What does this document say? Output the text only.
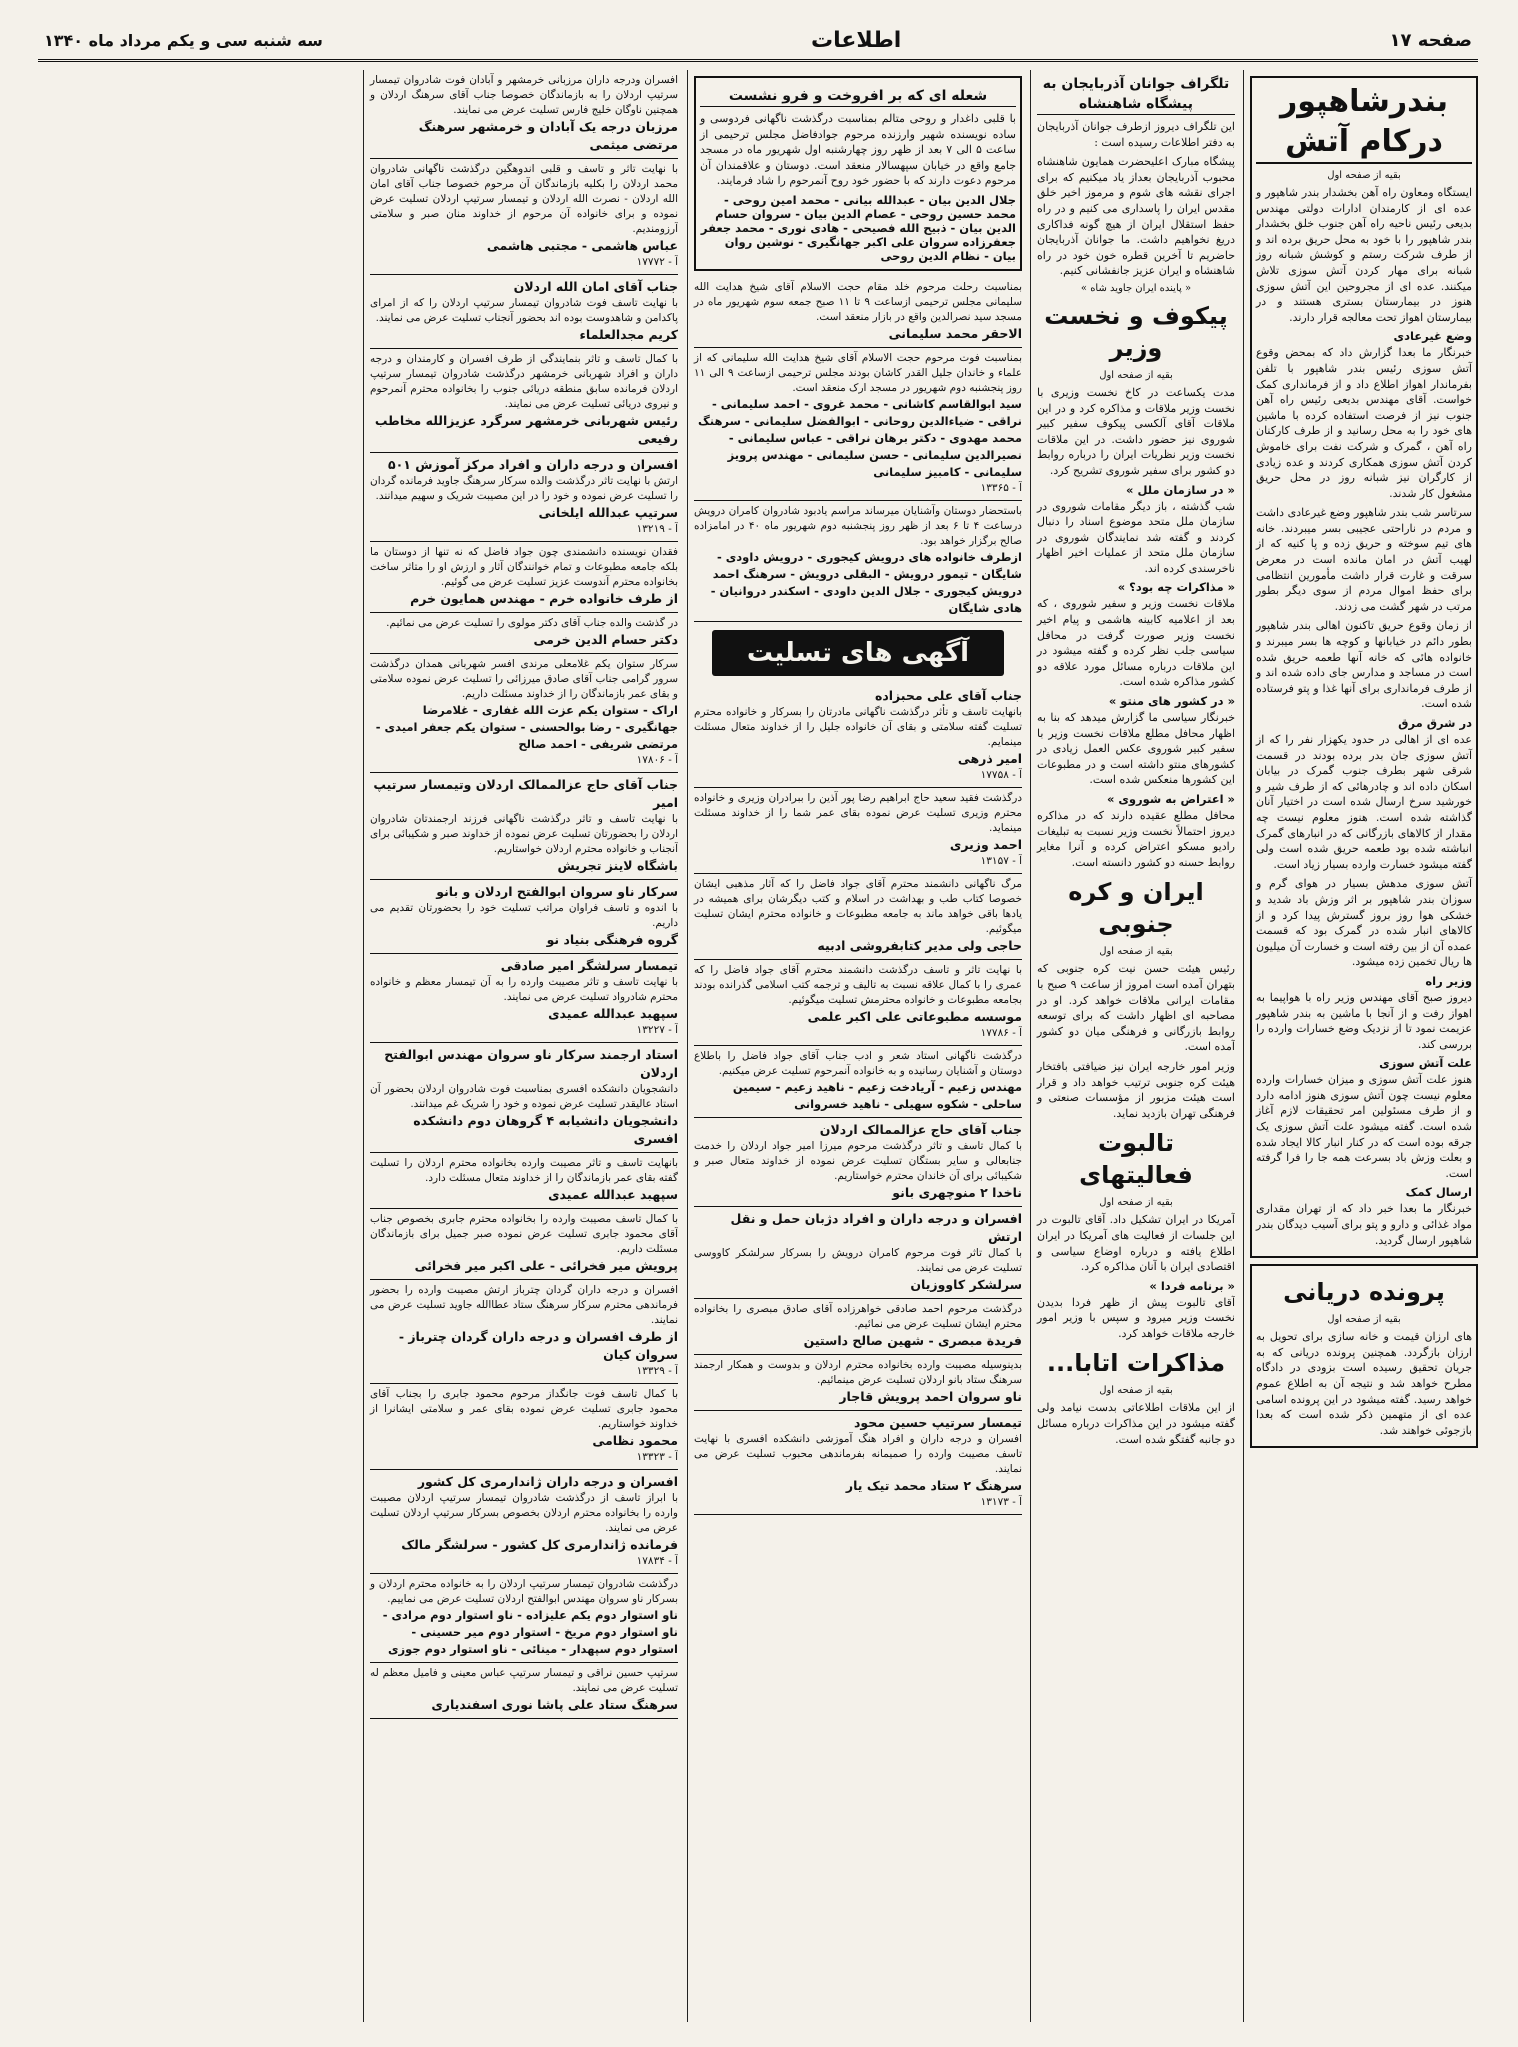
صفحه ۱۷
اطلاعات
سه شنبه سی و یکم مرداد ماه ۱۳۴۰
بندرشاهپور درکام آتش
بقیه از صفحه اول

ایستگاه ومعاون راه آهن بخشدار بندر شاهپور و عده ای از کارمندان ادارات دولتی مهندس بدیعی رئیس ناحیه راه آهن جنوب خلق بخشدار بندر شاهپور را با خود به محل حریق برده اند و از طرف شرکت رستم و کوشش شبانه روز شبانه برای مهار کردن آتش سوزی تلاش میکنند. عده ای از مجروحین این آتش سوزی هنوز در بیمارستان بستری هستند و در بیمارستان اهواز تحت معالجه قرار دارند.

وضع غیرعادی

خبرنگار ما بعدا گزارش داد که بمحض وقوع آتش سوزی رئیس بندر شاهپور با تلفن بفرماندار اهواز اطلاع داد و از فرمانداری کمک خواست. آقای مهندس بدیعی رئیس راه آهن جنوب نیز از فرصت استفاده کرده با ماشین های خود را به محل رسانید و از طرف کارکنان راه آهن ، گمرک و شرکت نفت برای خاموش کردن آتش سوزی همکاری کردند و عده زیادی از کارگران نیز شبانه روز در محل حریق مشغول کار شدند.

سرتاسر شب بندر شاهپور وضع غیرعادی داشت و مردم در ناراحتی عجیبی بسر میبردند. خانه های تیم سوخته و حریق زده و پا کنیه که از لهیب آتش در امان مانده است در معرض سرقت و غارت قرار داشت مأمورین انتظامی برای حفظ اموال مردم از سوی دیگر بطور مرتب در شهر گشت می زدند.

از زمان وقوع حریق تاکنون اهالی بندر شاهپور بطور دائم در خیابانها و کوچه ها بسر میبرند و خانواده هائی که خانه آنها طعمه حریق شده است در مساجد و مدارس جای داده شده اند و از طرف فرمانداری برای آنها غذا و پتو فرستاده شده است.

در شرق مرق

عده ای از اهالی در حدود یکهزار نفر را که از آتش سوزی جان بدر برده بودند در قسمت شرقی شهر بطرف جنوب گمرک در بیابان اسکان داده اند و چادرهائی که از طرف شیر و خورشید سرخ ارسال شده است در اختیار آنان گذاشته شده است. هنوز معلوم نیست چه مقدار از کالاهای بازرگانی که در انبارهای گمرک انباشته شده بود طعمه حریق شده است ولی گفته میشود خسارت وارده بسیار زیاد است.

آتش سوزی مدهش بسیار در هوای گرم و سوزان بندر شاهپور بر اثر وزش باد شدید و خشکی هوا روز بروز گسترش پیدا کرد و از کالاهای انبار شده در گمرک بود که قسمت عمده آن از بین رفته است و خسارت آن میلیون ها ریال تخمین زده میشود.

وزیر راه

دیروز صبح آقای مهندس وزیر راه با هواپیما به اهواز رفت و از آنجا با ماشین به بندر شاهپور عزیمت نمود تا از نزدیک وضع خسارات وارده را بررسی کند.

علت آتش سوزی

هنوز علت آتش سوزی و میزان خسارات وارده معلوم نیست چون آتش سوزی هنوز ادامه دارد و از طرف مسئولین امر تحقیقات لازم آغاز شده است. گفته میشود علت آتش سوزی یک جرقه بوده است که در کنار انبار کالا ایجاد شده و بعلت وزش باد بسرعت همه جا را فرا گرفته است.

ارسال کمک

خبرنگار ما بعدا خبر داد که از تهران مقداری مواد غذائی و دارو و پتو برای آسیب دیدگان بندر شاهپور ارسال گردید.

پرونده دریانی
بقیه از صفحه اول

های ارزان قیمت و خانه سازی برای تحویل به ارزان بازگردد. همچنین پرونده دریانی که به جریان تحقیق رسیده است بزودی در دادگاه مطرح خواهد شد و نتیجه آن به اطلاع عموم خواهد رسید. گفته میشود در این پرونده اسامی عده ای از متهمین ذکر شده است که بعدا بازجوئی خواهند شد.

تلگراف جوانان آذربایجان به پیشگاه شاهنشاه

این تلگراف دیروز ازطرف جوانان آذربایجان به دفتر اطلاعات رسیده است :

پیشگاه مبارک اعلیحضرت همایون شاهنشاه محبوب آذربایجان بعداز یاد میکنیم که برای اجرای نقشه های شوم و مرموز اخیر خلق مقدس ایران را پاسداری می کنیم و در راه حفظ استقلال ایران از هیچ گونه فداکاری دریغ نخواهیم داشت. ما جوانان آذربایجان حاضریم تا آخرین قطره خون خود در راه شاهنشاه و ایران عزیز جانفشانی کنیم.

« پاینده ایران جاوید شاه »
پیکوف و نخست وزیر
بقیه از صفحه اول

مدت یکساعت در کاخ نخست وزیری با نخست وزیر ملاقات و مذاکره کرد و در این ملاقات آقای آلکسی پیکوف سفیر کبیر شوروی نیز حضور داشت. در این ملاقات نخست وزیر نظریات ایران را درباره روابط دو کشور برای سفیر شوروی تشریح کرد.

« در سازمان ملل »

شب گذشته ، باز دیگر مقامات شوروی در سازمان ملل متحد موضوع اسناد را دنبال کردند و گفته شد نمایندگان شوروی در سازمان ملل متحد از عملیات اخیر اظهار ناخرسندی کرده اند.

« مذاکرات چه بود؟ »

ملاقات نخست وزیر و سفیر شوروی ، که بعد از اعلامیه کابینه هاشمی و پیام اخیر نخست وزیر صورت گرفت در محافل سیاسی جلب نظر کرده و گفته میشود در این ملاقات درباره مسائل مورد علاقه دو کشور مذاکره شده است.

« در کشور های منتو »

خبرنگار سیاسی ما گزارش میدهد که بنا به اظهار محافل مطلع ملاقات نخست وزیر با سفیر کبیر شوروی عکس العمل زیادی در کشورهای منتو داشته است و در مطبوعات این کشورها منعکس شده است.

« اعتراض به شوروی »

محافل مطلع عقیده دارند که در مذاکره دیروز احتمالاً نخست وزیر نسبت به تبلیغات رادیو مسکو اعتراض کرده و آنرا مغایر روابط حسنه دو کشور دانسته است.

ایران و کره جنوبی
بقیه از صفحه اول

رئیس هیئت حسن نیت کره جنوبی که بتهران آمده است امروز از ساعت ۹ صبح با مقامات ایرانی ملاقات خواهد کرد. او در مصاحبه ای اظهار داشت که برای توسعه روابط بازرگانی و فرهنگی میان دو کشور آمده است.

وزیر امور خارجه ایران نیز ضیافتی بافتخار هیئت کره جنوبی ترتیب خواهد داد و قرار است هیئت مزبور از مؤسسات صنعتی و فرهنگی تهران بازدید نماید.

تالبوت فعالیتهای
بقیه از صفحه اول

آمریکا در ایران تشکیل داد. آقای تالبوت در این جلسات از فعالیت های آمریکا در ایران اطلاع یافته و درباره اوضاع سیاسی و اقتصادی ایران با آنان مذاکره کرد.

« برنامه فردا »

آقای تالبوت پیش از ظهر فردا بدیدن نخست وزیر میرود و سپس با وزیر امور خارجه ملاقات خواهد کرد.

مذاکرات اتابا...
بقیه از صفحه اول

از این ملاقات اطلاعاتی بدست نیامد ولی گفته میشود در این مذاکرات درباره مسائل دو جانبه گفتگو شده است.

شعله ای که بر افروخت و فرو نشست

با قلبی داغدار و روحی متالم بمناسبت درگذشت ناگهانی فردوسی و ساده نویسنده شهیر وارزنده مرحوم جوادفاضل مجلس ترحیمی از ساعت ۵ الی ۷ بعد از ظهر روز چهارشنبه اول شهریور ماه در مسجد جامع واقع در خیابان سپهسالار منعقد است. دوستان و علاقمندان آن مرحوم دعوت دارند که با حضور خود روح آنمرحوم را شاد فرمایند.

جلال الدین بیان - عبدالله بیانی - محمد امین روحی - محمد حسین روحی - عصام الدین بیان - سروان حسام الدین بیان - ذبیح الله فصیحی - هادی نوری - محمد جعفر جعفرزاده سروان علی اکبر جهانگیری - نوشین روان بیان - نظام الدین روحی

بمناسبت رحلت مرحوم خلد مقام حجت الاسلام آقای شیخ هدایت الله سلیمانی مجلس ترحیمی ازساعت ۹ تا ۱۱ صبح جمعه سوم شهریور ماه در مسجد سید نصرالدین واقع در بازار منعقد است.

الاحقر محمد سلیمانی

بمناسبت فوت مرحوم حجت الاسلام آقای شیخ هدایت الله سلیمانی که از علماء و خاندان جلیل القدر کاشان بودند مجلس ترحیمی ازساعت ۹ الی ۱۱ روز پنجشنبه دوم شهریور در مسجد ارک منعقد است.

سید ابوالقاسم کاشانی - محمد غروی - احمد سلیمانی - نراقی - ضیاءالدین روحانی - ابوالفضل سلیمانی - سرهنگ محمد مهدوی - دکتر برهان نراقی - عباس سلیمانی - نصیرالدین سلیمانی - حسن سلیمانی - مهندس پرویز سلیمانی - کامبیز سلیمانی

آ - ۱۳۳۶۵

باستحضار دوستان وآشنایان میرساند مراسم یادبود شادروان کامران درویش درساعت ۴ تا ۶ بعد از ظهر روز پنجشنبه دوم شهریور ماه ۴۰ در امامزاده صالح برگزار خواهد بود.

ازطرف خانواده های درویش کیجوری - درویش داودی - شایگان - تیمور درویش - البقلی درویش - سرهنگ احمد درویش کیجوری - جلال الدین داودی - اسکندر دروانیان - هادی شایگان
آگهی های تسلیت
جناب آقای علی محبزاده

بانهایت تاسف و تأثر درگذشت ناگهانی مادرتان را بسرکار و خانواده محترم تسلیت گفته سلامتی و بقای آن خانواده جلیل را از خداوند متعال مسئلت مینمایم.

امیر ذرهی

آ - ۱۷۷۵۸

درگذشت فقید سعید حاج ابراهیم رضا پور آذین را ببرادران وزیری و خانواده محترم وزیری تسلیت عرض نموده بقای عمر شما را از خداوند مسئلت مینماید.

احمد وزیری

آ - ۱۳۱۵۷

مرگ ناگهانی دانشمند محترم آقای جواد فاضل را که آثار مذهبی ایشان خصوصا کتاب طب و بهداشت در اسلام و کتب دیگرشان برای همیشه در یادها باقی خواهد ماند به جامعه مطبوعات و خانواده محترم ایشان تسلیت میگوئیم.

حاجی ولی مدیر کتابفروشی ادبیه

با نهایت تاثر و تاسف درگذشت دانشمند محترم آقای جواد فاضل را که عمری را با کمال علاقه نسبت به تالیف و ترجمه کتب اسلامی گذرانده بودند بجامعه مطبوعات و خانواده محترمش تسلیت میگوئیم.

موسسه مطبوعاتی علی اکبر علمی

آ - ۱۷۷۸۶

درگذشت ناگهانی استاد شعر و ادب جناب آقای جواد فاضل را باطلاع دوستان و آشنایان رسانیده و به خانواده آنمرحوم تسلیت عرض میکنیم.

مهندس زعیم - آریادخت زعیم - ناهید زعیم - سیمین ساحلی - شکوه سهیلی - ناهید خسروانی
جناب آقای حاج عزالممالک اردلان

با کمال تاسف و تاثر درگذشت مرحوم میرزا امیر جواد اردلان را خدمت جنابعالی و سایر بستگان تسلیت عرض نموده از خداوند متعال صبر و شکیبائی برای آن خاندان محترم خواستاریم.

ناخدا ۲ منوچهری بانو
افسران و درجه داران و افراد دژبان حمل و نقل ارتش

با کمال تاثر فوت مرحوم کامران درویش را بسرکار سرلشکر کاووسی تسلیت عرض می نمایند.

سرلشکر کاووزیان

درگذشت مرحوم احمد صادقی خواهرزاده آقای صادق مبصری را بخانواده محترم ایشان تسلیت عرض می نمائیم.

فریدة مبصری - شهین صالح داستین

بدینوسیله مصیبت وارده بخانواده محترم اردلان و بدوست و همکار ارجمند سرهنگ ستاد بانو اردلان تسلیت عرض مینمائیم.

ناو سروان احمد پرویش قاجار
تیمسار سرتیپ حسین محود

افسران و درجه داران و افراد هنگ آموزشی دانشکده افسری با نهایت تاسف مصیبت وارده را صمیمانه بفرماندهی محبوب تسلیت عرض می نمایند.

سرهنگ ۲ ستاد محمد تیک یار

آ - ۱۳۱۷۳

افسران ودرجه داران مرزبانی خرمشهر و آبادان فوت شادروان تیمسار سرتیپ اردلان را به بازماندگان خصوصا جناب آقای سرهنگ اردلان و همچنین ناوگان خلیج فارس تسلیت عرض می نمایند.

مرزبان درجه یک آبادان و خرمشهر سرهنگ مرتضی میثمی

با نهایت تاثر و تاسف و قلبی اندوهگین درگذشت ناگهانی شادروان محمد اردلان را بکلیه بازماندگان آن مرحوم خصوصا جناب آقای امان الله اردلان - نصرت الله اردلان و تیمسار سرتیپ اردلان تسلیت عرض نموده و برای خانواده آن مرحوم از خداوند منان صبر و سلامتی آرزومندیم.

عباس هاشمی - مجتبی هاشمی

آ - ۱۷۷۷۲

جناب آقای امان الله اردلان

با نهایت تاسف فوت شادروان تیمسار سرتیپ اردلان را که از امرای پاکدامن و شاهدوست بوده اند بحضور آنجناب تسلیت عرض می نمایند.

کریم مجدالعلماء

با کمال تاسف و تاثر بنمایندگی از طرف افسران و کارمندان و درجه داران و افراد شهربانی خرمشهر درگذشت شادروان تیمسار سرتیپ اردلان فرمانده سابق منطقه دریائی جنوب را بخانواده محترم آنمرحوم و نیروی دریائی تسلیت عرض می نمایند.

رئیس شهربانی خرمشهر سرگرد عزیزالله مخاطب رفیعی
افسران و درجه داران و افراد مرکز آموزش ۵۰۱

ارتش با نهایت تاثر درگذشت والده سرکار سرهنگ جاوید فرمانده گردان را تسلیت عرض نموده و خود را در این مصیبت شریک و سهیم میدانند.

سرتیپ عبدالله ایلخانی

آ - ۱۳۲۱۹

فقدان نویسنده دانشمندی چون جواد فاضل که نه تنها از دوستان ما بلکه جامعه مطبوعات و تمام خوانندگان آثار و ارزش او را متاثر ساخت بخانواده محترم آندوست عزیز تسلیت عرض می گوئیم.

از طرف خانواده خرم - مهندس همایون خرم

در گذشت والده جناب آقای دکتر مولوی را تسلیت عرض می نمائیم.

دکتر حسام الدین خرمی

سرکار ستوان یکم غلامعلی مرندی افسر شهربانی همدان درگذشت سرور گرامی جناب آقای صادق میرزائی را تسلیت عرض نموده سلامتی و بقای عمر بازماندگان را از خداوند مسئلت داریم.

اراک - ستوان یکم عزت الله غفاری - غلامرضا جهانگیری - رضا بوالحسنی - ستوان یکم جعفر امیدی - مرتضی شریفی - احمد صالح

آ - ۱۷۸۰۶

جناب آقای حاج عزالممالک اردلان وتیمسار سرتیپ امیر

با نهایت تاسف و تاثر درگذشت ناگهانی فرزند ارجمندتان شادروان اردلان را بحضورتان تسلیت عرض نموده از خداوند صبر و شکیبائی برای آنجناب و خانواده محترم اردلان خواستاریم.

باشگاه لاینز تجریش
سرکار ناو سروان ابوالفتح اردلان و بانو

با اندوه و تاسف فراوان مراتب تسلیت خود را بحضورتان تقدیم می داریم.

گروه فرهنگی بنیاد نو
تیمسار سرلشگر امیر صادقی

با نهایت تاسف و تاثر مصیبت وارده را به آن تیمسار معظم و خانواده محترم شادرواد تسلیت عرض می نمایند.

سپهبد عبدالله عمیدی

آ - ۱۳۲۲۷

استاد ارجمند سرکار ناو سروان مهندس ابوالفتح اردلان

دانشجویان دانشکده افسری بمناسبت فوت شادروان اردلان بحضور آن استاد عالیقدر تسلیت عرض نموده و خود را شریک غم میدانند.

دانشجویان دانشیابه ۴ گروهان دوم دانشکده افسری

بانهایت تاسف و تاثر مصیبت وارده بخانواده محترم اردلان را تسلیت گفته بقای عمر بازماندگان را از خداوند متعال مسئلت دارد.

سپهبد عبدالله عمیدی

با کمال تاسف مصیبت وارده را بخانواده محترم جابری بخصوص جناب آقای محمود جابری تسلیت عرض نموده صبر جمیل برای بازماندگان مسئلت داریم.

پرویش میر فخرائی - علی اکبر میر فخرائی

افسران و درجه داران گردان چترباز ارتش مصیبت وارده را بحضور فرماندهی محترم سرکار سرهنگ ستاد عطاالله جاوید تسلیت عرض می نمایند.

از طرف افسران و درجه داران گردان چترباز - سروان کیان

آ - ۱۳۳۲۹

با کمال تاسف فوت جانگداز مرحوم محمود جابری را بجناب آقای محمود جابری تسلیت عرض نموده بقای عمر و سلامتی ایشانرا از خداوند خواستاریم.

محمود نظامی

آ - ۱۳۳۲۳

افسران و درجه داران ژاندارمری کل کشور

با ابراز تاسف از درگذشت شادروان تیمسار سرتیپ اردلان مصیبت وارده را بخانواده محترم اردلان بخصوص بسرکار سرتیپ اردلان تسلیت عرض می نمایند.

فرمانده ژاندارمری کل کشور - سرلشگر مالک

آ - ۱۷۸۳۴

درگذشت شادروان تیمسار سرتیپ اردلان را به خانواده محترم اردلان و بسرکار ناو سروان مهندس ابوالفتح اردلان تسلیت عرض می نماییم.

ناو استوار دوم یکم علیزاده - ناو استوار دوم مرادی - ناو استوار دوم مریخ - استوار دوم میر حسینی - استوار دوم سپهدار - مینائی - ناو استوار دوم جوزی

سرتیپ حسین نراقی و تیمسار سرتیپ عباس معینی و فامیل معظم له تسلیت عرض می نمایند.

سرهنگ ستاد علی پاشا نوری اسفندیاری
